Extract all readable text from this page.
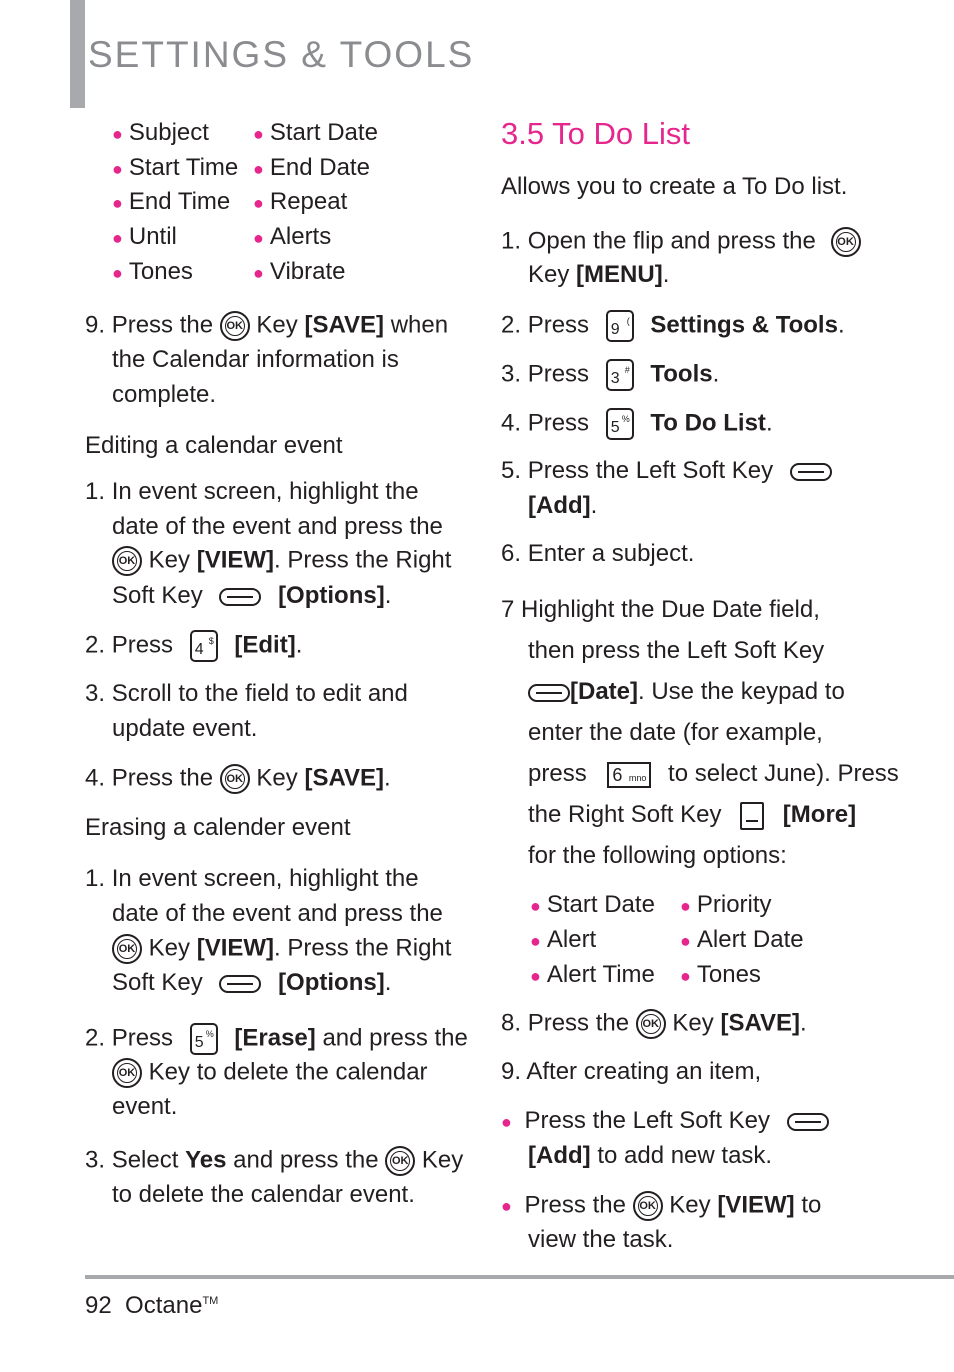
SETTINGS & TOOLS
● Subject
● Start Time
● End Time
● Until
● Tones
● Start Date
● End Date
● Repeat
● Alerts
● Vibrate
9. Press the OK Key [SAVE] when
the Calendar information is
complete.
Editing a calendar event
1. In event screen, highlight the
date of the event and press the
OK Key [VIEW]. Press the Right
Soft Key	[Options].
2. Press 4 $ [Edit].
3. Scroll to the field to edit and
update event.
4. Press the OK Key [SAVE].
Erasing a calender event
1. In event screen, highlight the
date of the event and press the
OK Key [VIEW]. Press the Right
Soft Key	[Options].
2. Press 5 % [Erase] and press the
OK Key to delete the calendar
event.
3. Select Yes and press the OK Key
to delete the calendar event.
3.5 To Do List
Allows you to create a To Do list.
1. Open the flip and press the OK
Key [MENU].
2. Press 9 ( Settings & Tools.
3. Press 3 # Tools.
4. Press 5 % To Do List.
5. Press the Left Soft Key
[Add].
6. Enter a subject.
7 Highlight the Due Date field,
then press the Left Soft Key
[Date]. Use the keypad to
enter the date (for example,
press 6 mno to select June). Press
the Right Soft Key	[More]
for the following options:
● Start Date
● Alert
● Alert Time
● Priority
● Alert Date
● Tones
8. Press the OK Key [SAVE].
9. After creating an item,
● Press the Left Soft Key
[Add] to add new task.
● Press the OK Key [VIEW] to
view the task.
92 Octane™
